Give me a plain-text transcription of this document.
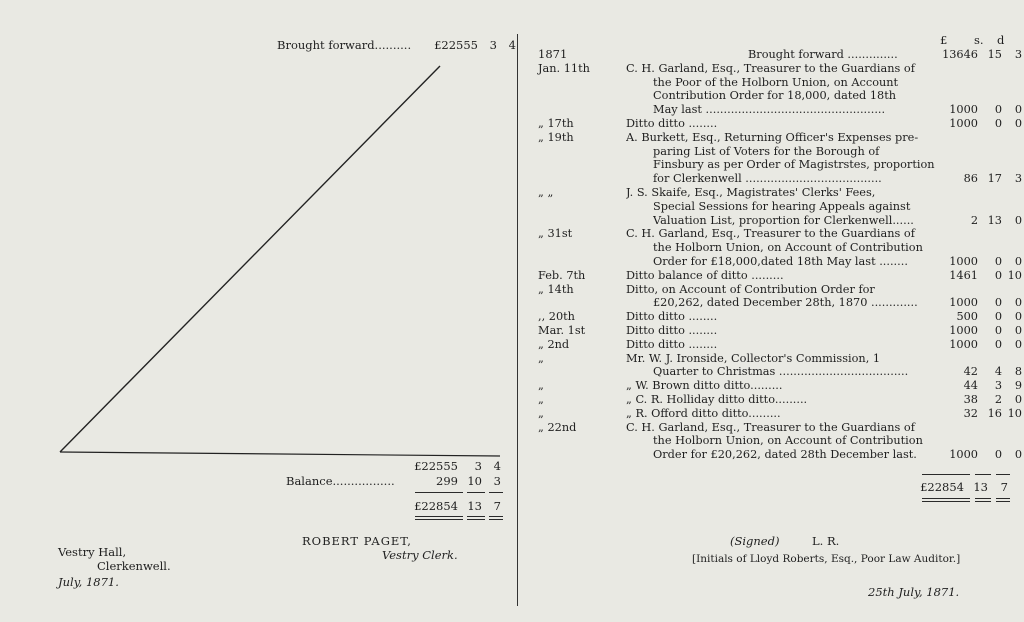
Brought forward..........	£22555	3	4
£22555	3	4
Balance.................	299 10	3
£22854 13	7
ROBERT PAGET,
Vestry Clerk.
Vestry Hall,
Clerkenwell.
July, 1871.
£ s. d
1871	Brought forward ..............	13646 15	3
Jan. 11th	C. H. Garland, Esq., Treasurer to the Guardians of
the Poor of the Holborn Union, on Account
Contribution Order for 18,000, dated 18th
May last ..................................................	1000	0	0
„ 17th	Ditto ditto ........	1000	0	0
„ 19th	A. Burkett, Esq., Returning Officer's Expenses pre-
paring List of Voters for the Borough of
Finsbury as per Order of Magistrstes, proportion
for Clerkenwell ......................................	86 17	3
„ „	J. S. Skaife, Esq., Magistrates' Clerks' Fees,
Special Sessions for hearing Appeals against
Valuation List, proportion for Clerkenwell......	2 13	0
„ 31st	C. H. Garland, Esq., Treasurer to the Guardians of
the Holborn Union, on Account of Contribution
Order for £18,000,dated 18th May last ........	1000	0	0
Feb. 7th	Ditto balance of ditto .........	1461	0 10
„ 14th	Ditto, on Account of Contribution Order for
£20,262, dated December 28th, 1870 .............	1000	0	0
,, 20th	Ditto ditto ........	500	0	0
Mar. 1st	Ditto ditto ........	1000	0	0
„ 2nd	Ditto ditto ........	1000	0	0
„	Mr. W. J. Ironside, Collector's Commission, 1
Quarter to Christmas ....................................	42	4	8
„	„ W. Brown ditto ditto.........	44	3	9
„	„ C. R. Holliday ditto ditto.........	38	2	0
„	„ R. Offord ditto ditto.........	32 16 10
„ 22nd	C. H. Garland, Esq., Treasurer to the Guardians of
the Holborn Union, on Account of Contribution
Order for £20,262, dated 28th December last.	1000	0	0
£22854 13	7
(Signed)	L. R.
[Initials of Lloyd Roberts, Esq., Poor Law Auditor.]
25th July, 1871.
